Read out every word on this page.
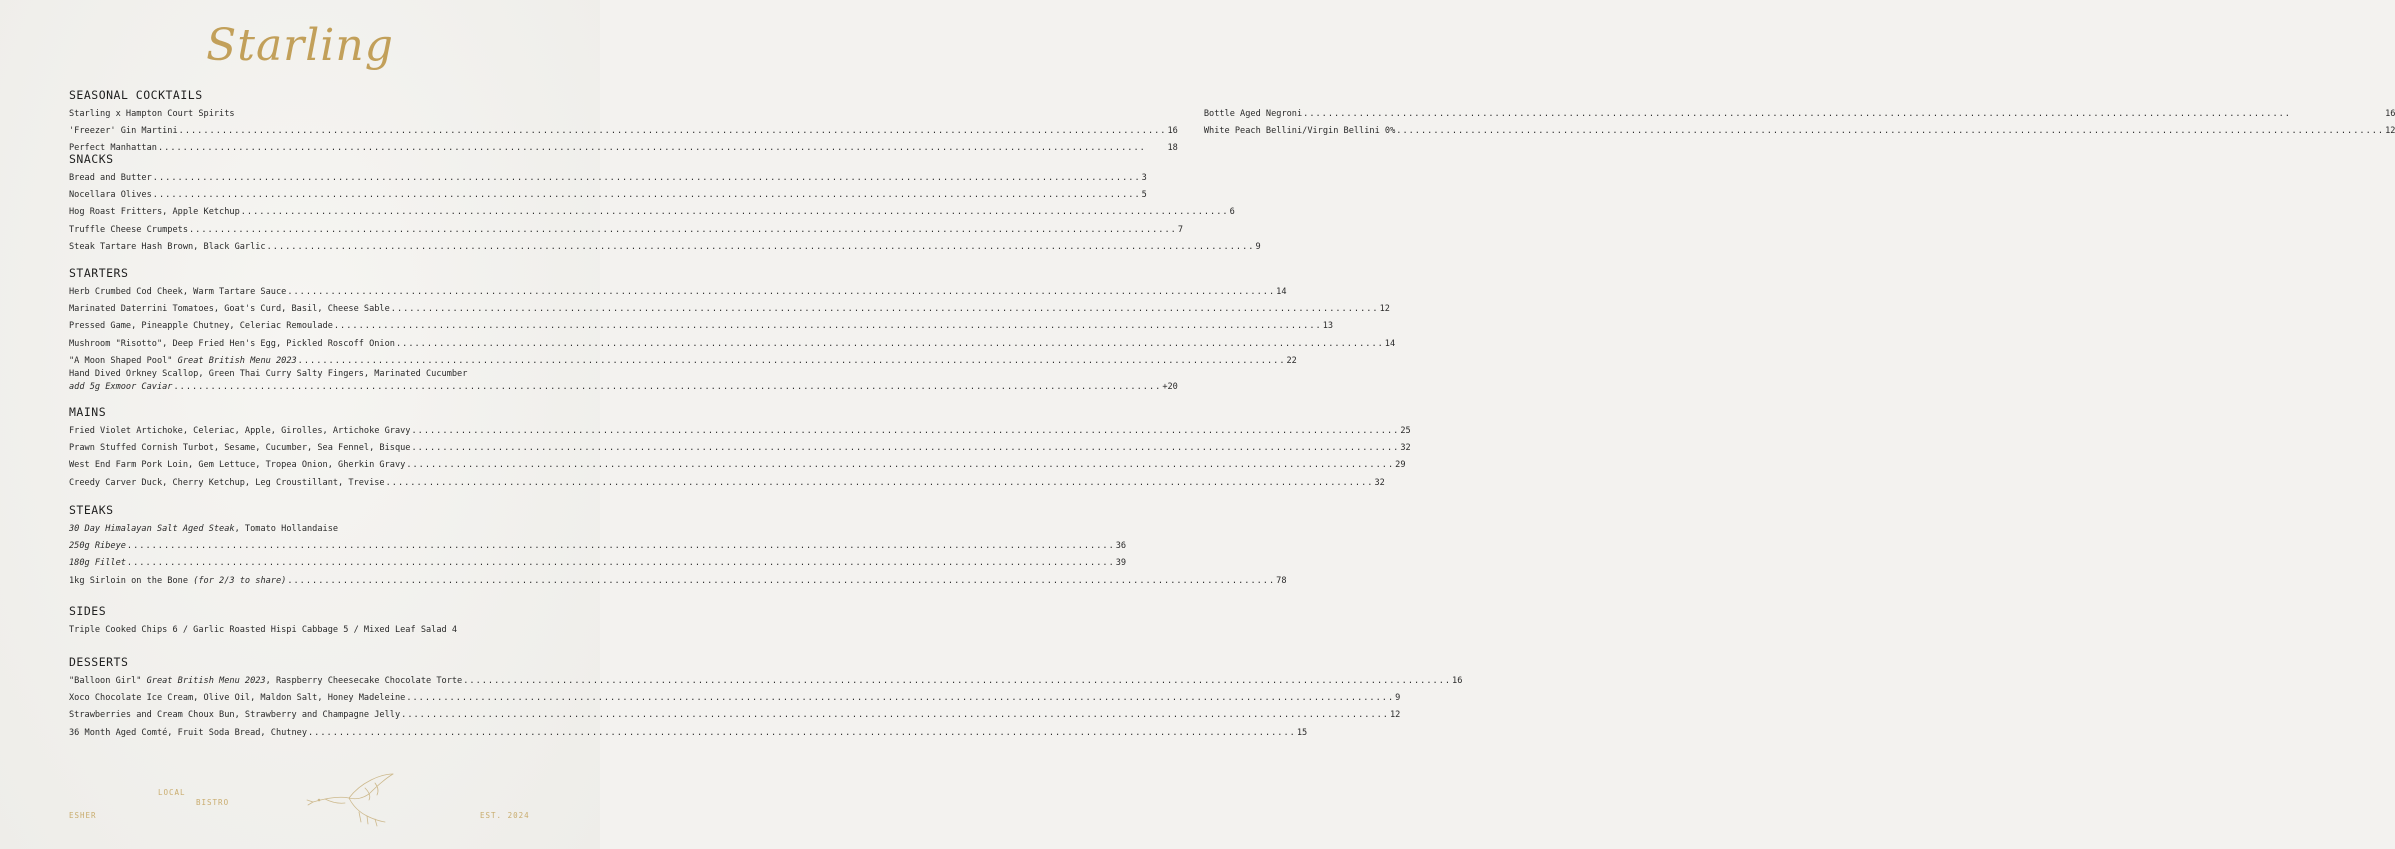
Starling
SEASONAL COCKTAILS
Starling x Hampton Court Spirits
'Freezer' Gin Martini .....	16
Perfect Manhattan .....	18
Bottle Aged Negroni .....	16
White Peach Bellini/Virgin Bellini 0% .....	12
SNACKS
Bread and Butter .....	3
Nocellara Olives .....	5
Hog Roast Fritters, Apple Ketchup .....	6
Truffle Cheese Crumpets .....	7
Steak Tartare Hash Brown, Black Garlic .....	9
STARTERS
Herb Crumbed Cod Cheek, Warm Tartare Sauce .....	14
Marinated Daterrini Tomatoes, Goat's Curd, Basil, Cheese Sable .....	12
Pressed Game, Pineapple Chutney, Celeriac Remoulade .....	13
Mushroom "Risotto", Deep Fried Hen's Egg, Pickled Roscoff Onion .....	14
"A Moon Shaped Pool" Great British Menu 2023 .....	22
Hand Dived Orkney Scallop, Green Thai Curry Salty Fingers, Marinated Cucumber
add 5g Exmoor Caviar .....	+20
MAINS
Fried Violet Artichoke, Celeriac, Apple, Girolles, Artichoke Gravy .....	25
Prawn Stuffed Cornish Turbot, Sesame, Cucumber, Sea Fennel, Bisque .....	32
West End Farm Pork Loin, Gem Lettuce, Tropea Onion, Gherkin Gravy .....	29
Creedy Carver Duck, Cherry Ketchup, Leg Croustillant, Trevise .....	32
STEAKS
30 Day Himalayan Salt Aged Steak, Tomato Hollandaise
250g Ribeye .....	36
180g Fillet .....	39
1kg Sirloin on the Bone (for 2/3 to share) .....	78
SIDES
Triple Cooked Chips 6 / Garlic Roasted Hispi Cabbage 5 / Mixed Leaf Salad 4
DESSERTS
"Balloon Girl" Great British Menu 2023, Raspberry Cheesecake Chocolate Torte .....	16
Xoco Chocolate Ice Cream, Olive Oil, Maldon Salt, Honey Madeleine .....	9
Strawberries and Cream Choux Bun, Strawberry and Champagne Jelly .....	12
36 Month Aged Comté, Fruit Soda Bread, Chutney .....	15
ESHER
LOCAL
BISTRO
EST. 2024
